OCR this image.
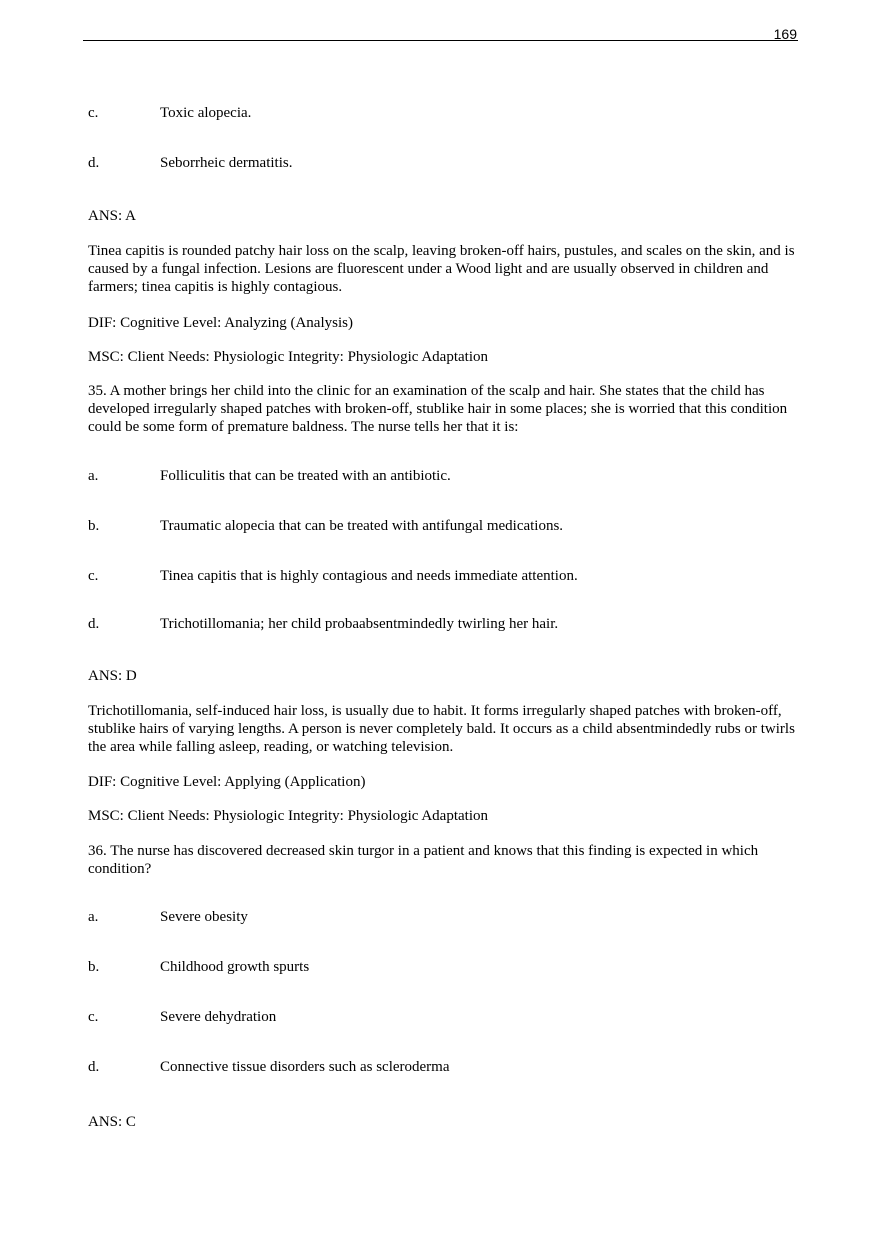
169
c.	Toxic alopecia.
d.	Seborrheic dermatitis.
ANS: A

Tinea capitis is rounded patchy hair loss on the scalp, leaving broken-off hairs, pustules, and scales on the skin, and is caused by a fungal infection. Lesions are fluorescent under a Wood light and are usually observed in children and farmers; tinea capitis is highly contagious.

DIF: Cognitive Level: Analyzing (Analysis)
MSC: Client Needs: Physiologic Integrity: Physiologic Adaptation

35. A mother brings her child into the clinic for an examination of the scalp and hair. She states that the child has developed irregularly shaped patches with broken-off, stublike hair in some places; she is worried that this condition could be some form of premature baldness. The nurse tells her that it is:

a.	Folliculitis that can be treated with an antibiotic.
b.	Traumatic alopecia that can be treated with antifungal medications.
c.	Tinea capitis that is highly contagious and needs immediate attention.
d.	Trichotillomania; her child probaabsentmindedly twirling her hair.
ANS: D

Trichotillomania, self-induced hair loss, is usually due to habit. It forms irregularly shaped patches with broken-off, stublike hairs of varying lengths. A person is never completely bald. It occurs as a child absentmindedly rubs or twirls the area while falling asleep, reading, or watching television.

DIF: Cognitive Level: Applying (Application)
MSC: Client Needs: Physiologic Integrity: Physiologic Adaptation

36. The nurse has discovered decreased skin turgor in a patient and knows that this finding is expected in which condition?

a.	Severe obesity
b.	Childhood growth spurts
c.	Severe dehydration
d.	Connective tissue disorders such as scleroderma
ANS: C
